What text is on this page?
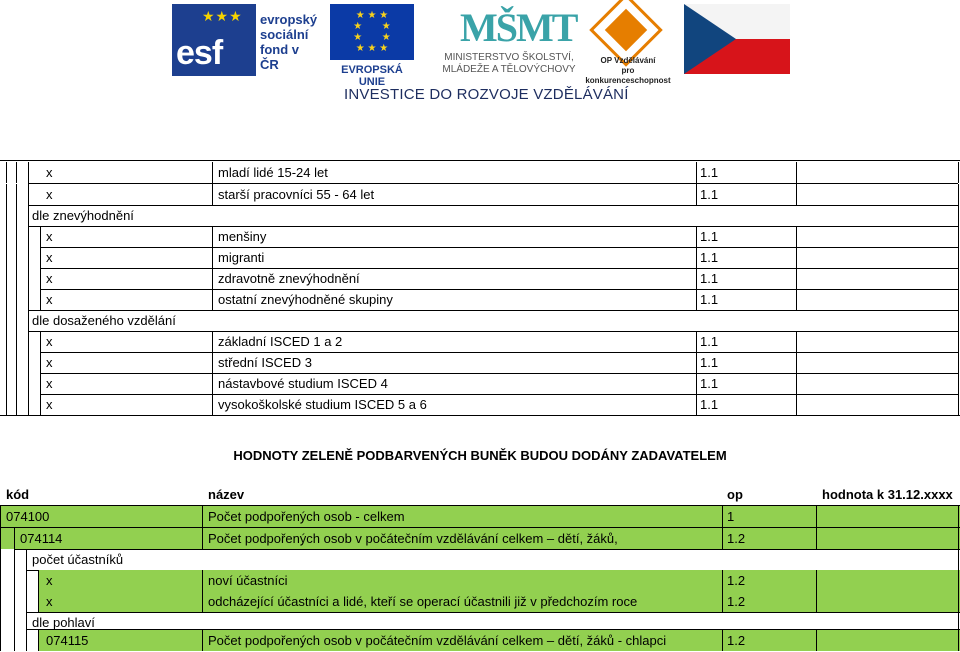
★★★
esf
evropský
sociální
fond v ČR
★ ★ ★
★       ★
★       ★
★ ★ ★
EVROPSKÁ UNIE
MŠMT
MINISTERSTVO ŠKOLSTVÍ,
MLÁDEŽE A TĚLOVÝCHOVY
OP Vzdělávání
pro konkurenceschopnost
INVESTICE DO ROZVOJE VZDĚLÁVÁNÍ
x	mladí lidé 15-24 let	1.1
x	starší pracovníci 55 - 64 let	1.1
dle znevýhodnění
x	menšiny	1.1
x	migranti	1.1
x	zdravotně znevýhodnění	1.1
x	ostatní znevýhodněné skupiny	1.1
dle dosaženého vzdělání
x	základní ISCED 1 a 2	1.1
x	střední ISCED 3	1.1
x	nástavbové studium ISCED 4	1.1
x	vysokoškolské studium ISCED 5 a 6	1.1
HODNOTY ZELENĚ PODBARVENÝCH BUNĚK BUDOU DODÁNY ZADAVATELEM
kód	název	op	hodnota k 31.12.xxxx
074100	Počet podpořených osob - celkem	1
074114	Počet podpořených osob v počátečním vzdělávání celkem – dětí, žáků,	1.2
počet účastníků
x	noví účastníci	1.2
x	odcházející účastníci a lidé, kteří se operací účastnili již v předchozím roce	1.2
dle pohlaví
074115	Počet podpořených osob v počátečním vzdělávání celkem – dětí, žáků - chlapci	1.2
